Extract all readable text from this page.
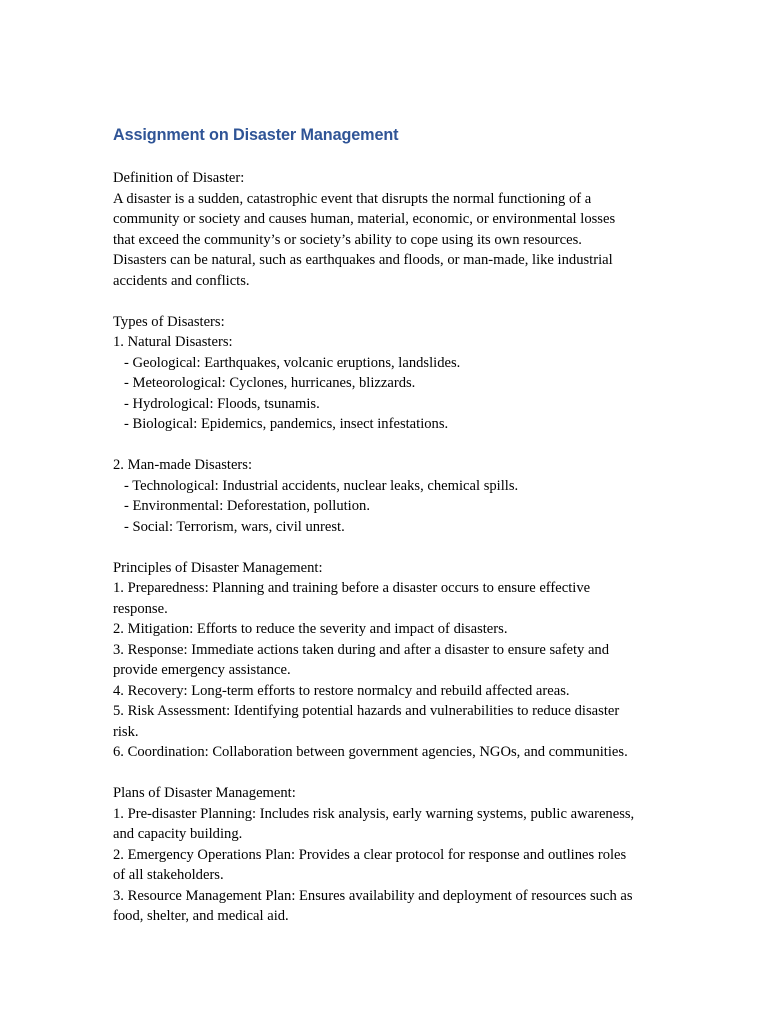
Assignment on Disaster Management
Definition of Disaster:
A disaster is a sudden, catastrophic event that disrupts the normal functioning of a
community or society and causes human, material, economic, or environmental losses
that exceed the community’s or society’s ability to cope using its own resources.
Disasters can be natural, such as earthquakes and floods, or man-made, like industrial
accidents and conflicts.
Types of Disasters:
1. Natural Disasters:
- Geological: Earthquakes, volcanic eruptions, landslides.
- Meteorological: Cyclones, hurricanes, blizzards.
- Hydrological: Floods, tsunamis.
- Biological: Epidemics, pandemics, insect infestations.
2. Man-made Disasters:
- Technological: Industrial accidents, nuclear leaks, chemical spills.
- Environmental: Deforestation, pollution.
- Social: Terrorism, wars, civil unrest.
Principles of Disaster Management:
1. Preparedness: Planning and training before a disaster occurs to ensure effective
response.
2. Mitigation: Efforts to reduce the severity and impact of disasters.
3. Response: Immediate actions taken during and after a disaster to ensure safety and
provide emergency assistance.
4. Recovery: Long-term efforts to restore normalcy and rebuild affected areas.
5. Risk Assessment: Identifying potential hazards and vulnerabilities to reduce disaster
risk.
6. Coordination: Collaboration between government agencies, NGOs, and communities.
Plans of Disaster Management:
1. Pre-disaster Planning: Includes risk analysis, early warning systems, public awareness,
and capacity building.
2. Emergency Operations Plan: Provides a clear protocol for response and outlines roles
of all stakeholders.
3. Resource Management Plan: Ensures availability and deployment of resources such as
food, shelter, and medical aid.
